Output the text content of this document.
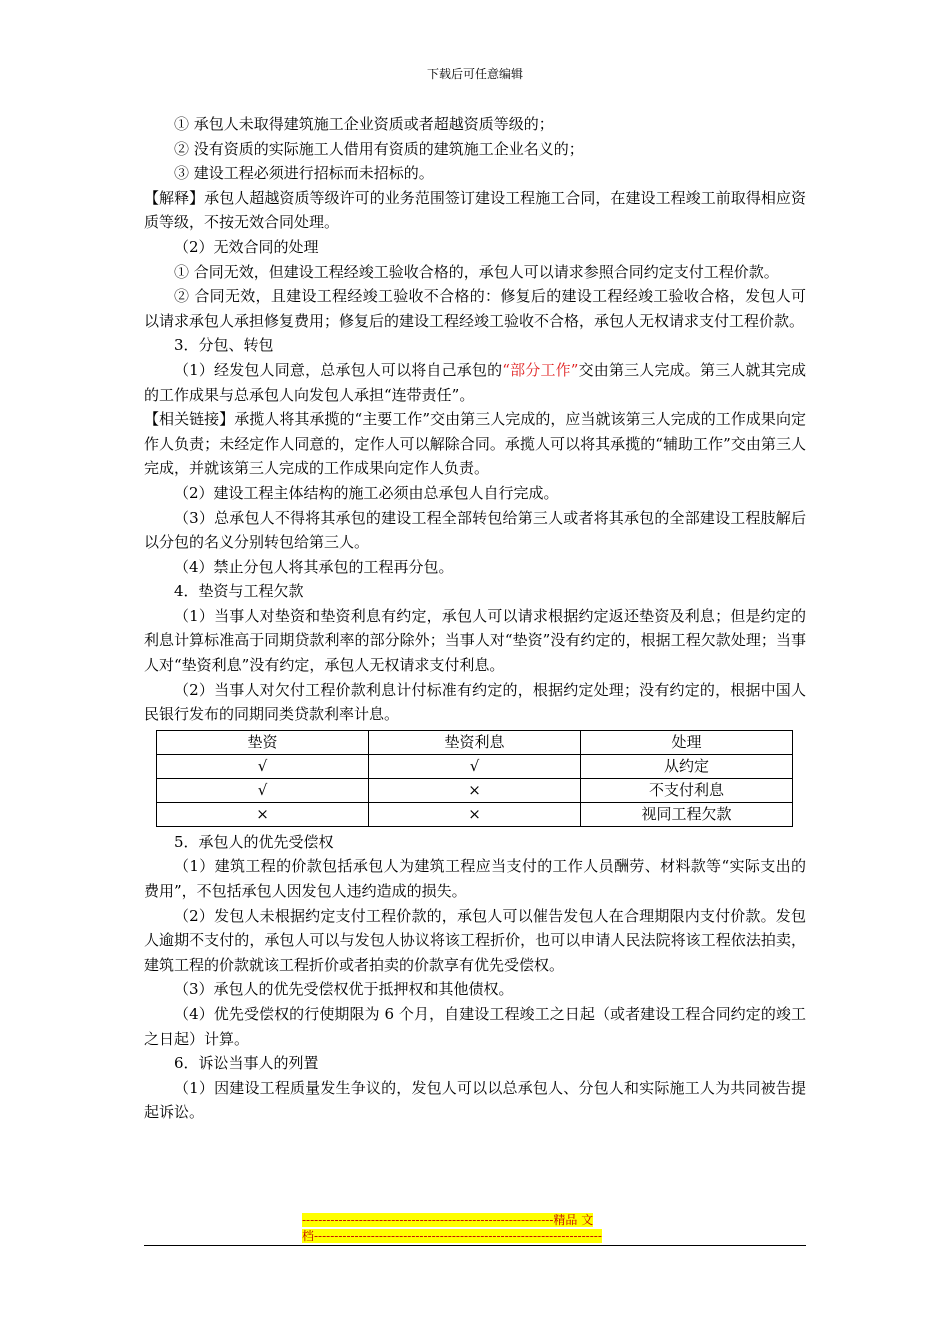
下载后可任意编辑

① 承包人未取得建筑施工企业资质或者超越资质等级的；

② 没有资质的实际施工人借用有资质的建筑施工企业名义的；

③ 建设工程必须进行招标而未招标的。

【解释】承包人超越资质等级许可的业务范围签订建设工程施工合同，在建设工程竣工前取得相应资质等级，不按无效合同处理。

（2）无效合同的处理

① 合同无效，但建设工程经竣工验收合格的，承包人可以请求参照合同约定支付工程价款。

② 合同无效，且建设工程经竣工验收不合格的：修复后的建设工程经竣工验收合格，发包人可以请求承包人承担修复费用；修复后的建设工程经竣工验收不合格，承包人无权请求支付工程价款。

3．分包、转包

（1）经发包人同意，总承包人可以将自己承包的“部分工作”交由第三人完成。第三人就其完成的工作成果与总承包人向发包人承担“连带责任”。

【相关链接】承揽人将其承揽的“主要工作”交由第三人完成的，应当就该第三人完成的工作成果向定作人负责；未经定作人同意的，定作人可以解除合同。承揽人可以将其承揽的“辅助工作”交由第三人完成，并就该第三人完成的工作成果向定作人负责。

（2）建设工程主体结构的施工必须由总承包人自行完成。

（3）总承包人不得将其承包的建设工程全部转包给第三人或者将其承包的全部建设工程肢解后以分包的名义分别转包给第三人。

（4）禁止分包人将其承包的工程再分包。

4．垫资与工程欠款

（1）当事人对垫资和垫资利息有约定，承包人可以请求根据约定返还垫资及利息；但是约定的利息计算标准高于同期贷款利率的部分除外；当事人对“垫资”没有约定的，根据工程欠款处理；当事人对“垫资利息”没有约定，承包人无权请求支付利息。

（2）当事人对欠付工程价款利息计付标准有约定的，根据约定处理；没有约定的，根据中国人民银行发布的同期同类贷款利率计息。

垫资	垫资利息	处理
√	√	从约定
√	×	不支付利息
×	×	视同工程欠款

5．承包人的优先受偿权

（1）建筑工程的价款包括承包人为建筑工程应当支付的工作人员酬劳、材料款等“实际支出的费用”，不包括承包人因发包人违约造成的损失。

（2）发包人未根据约定支付工程价款的，承包人可以催告发包人在合理期限内支付价款。发包人逾期不支付的，承包人可以与发包人协议将该工程折价，也可以申请人民法院将该工程依法拍卖，建筑工程的价款就该工程折价或者拍卖的价款享有优先受偿权。

（3）承包人的优先受偿权优于抵押权和其他债权。

（4）优先受偿权的行使期限为 6 个月，自建设工程竣工之日起（或者建设工程合同约定的竣工之日起）计算。

6．诉讼当事人的列置

（1）因建设工程质量发生争议的，发包人可以以总承包人、分包人和实际施工人为共同被告提起诉讼。

--------------------------------------------------------------精品 文
档-----------------------------------------------------------------------
